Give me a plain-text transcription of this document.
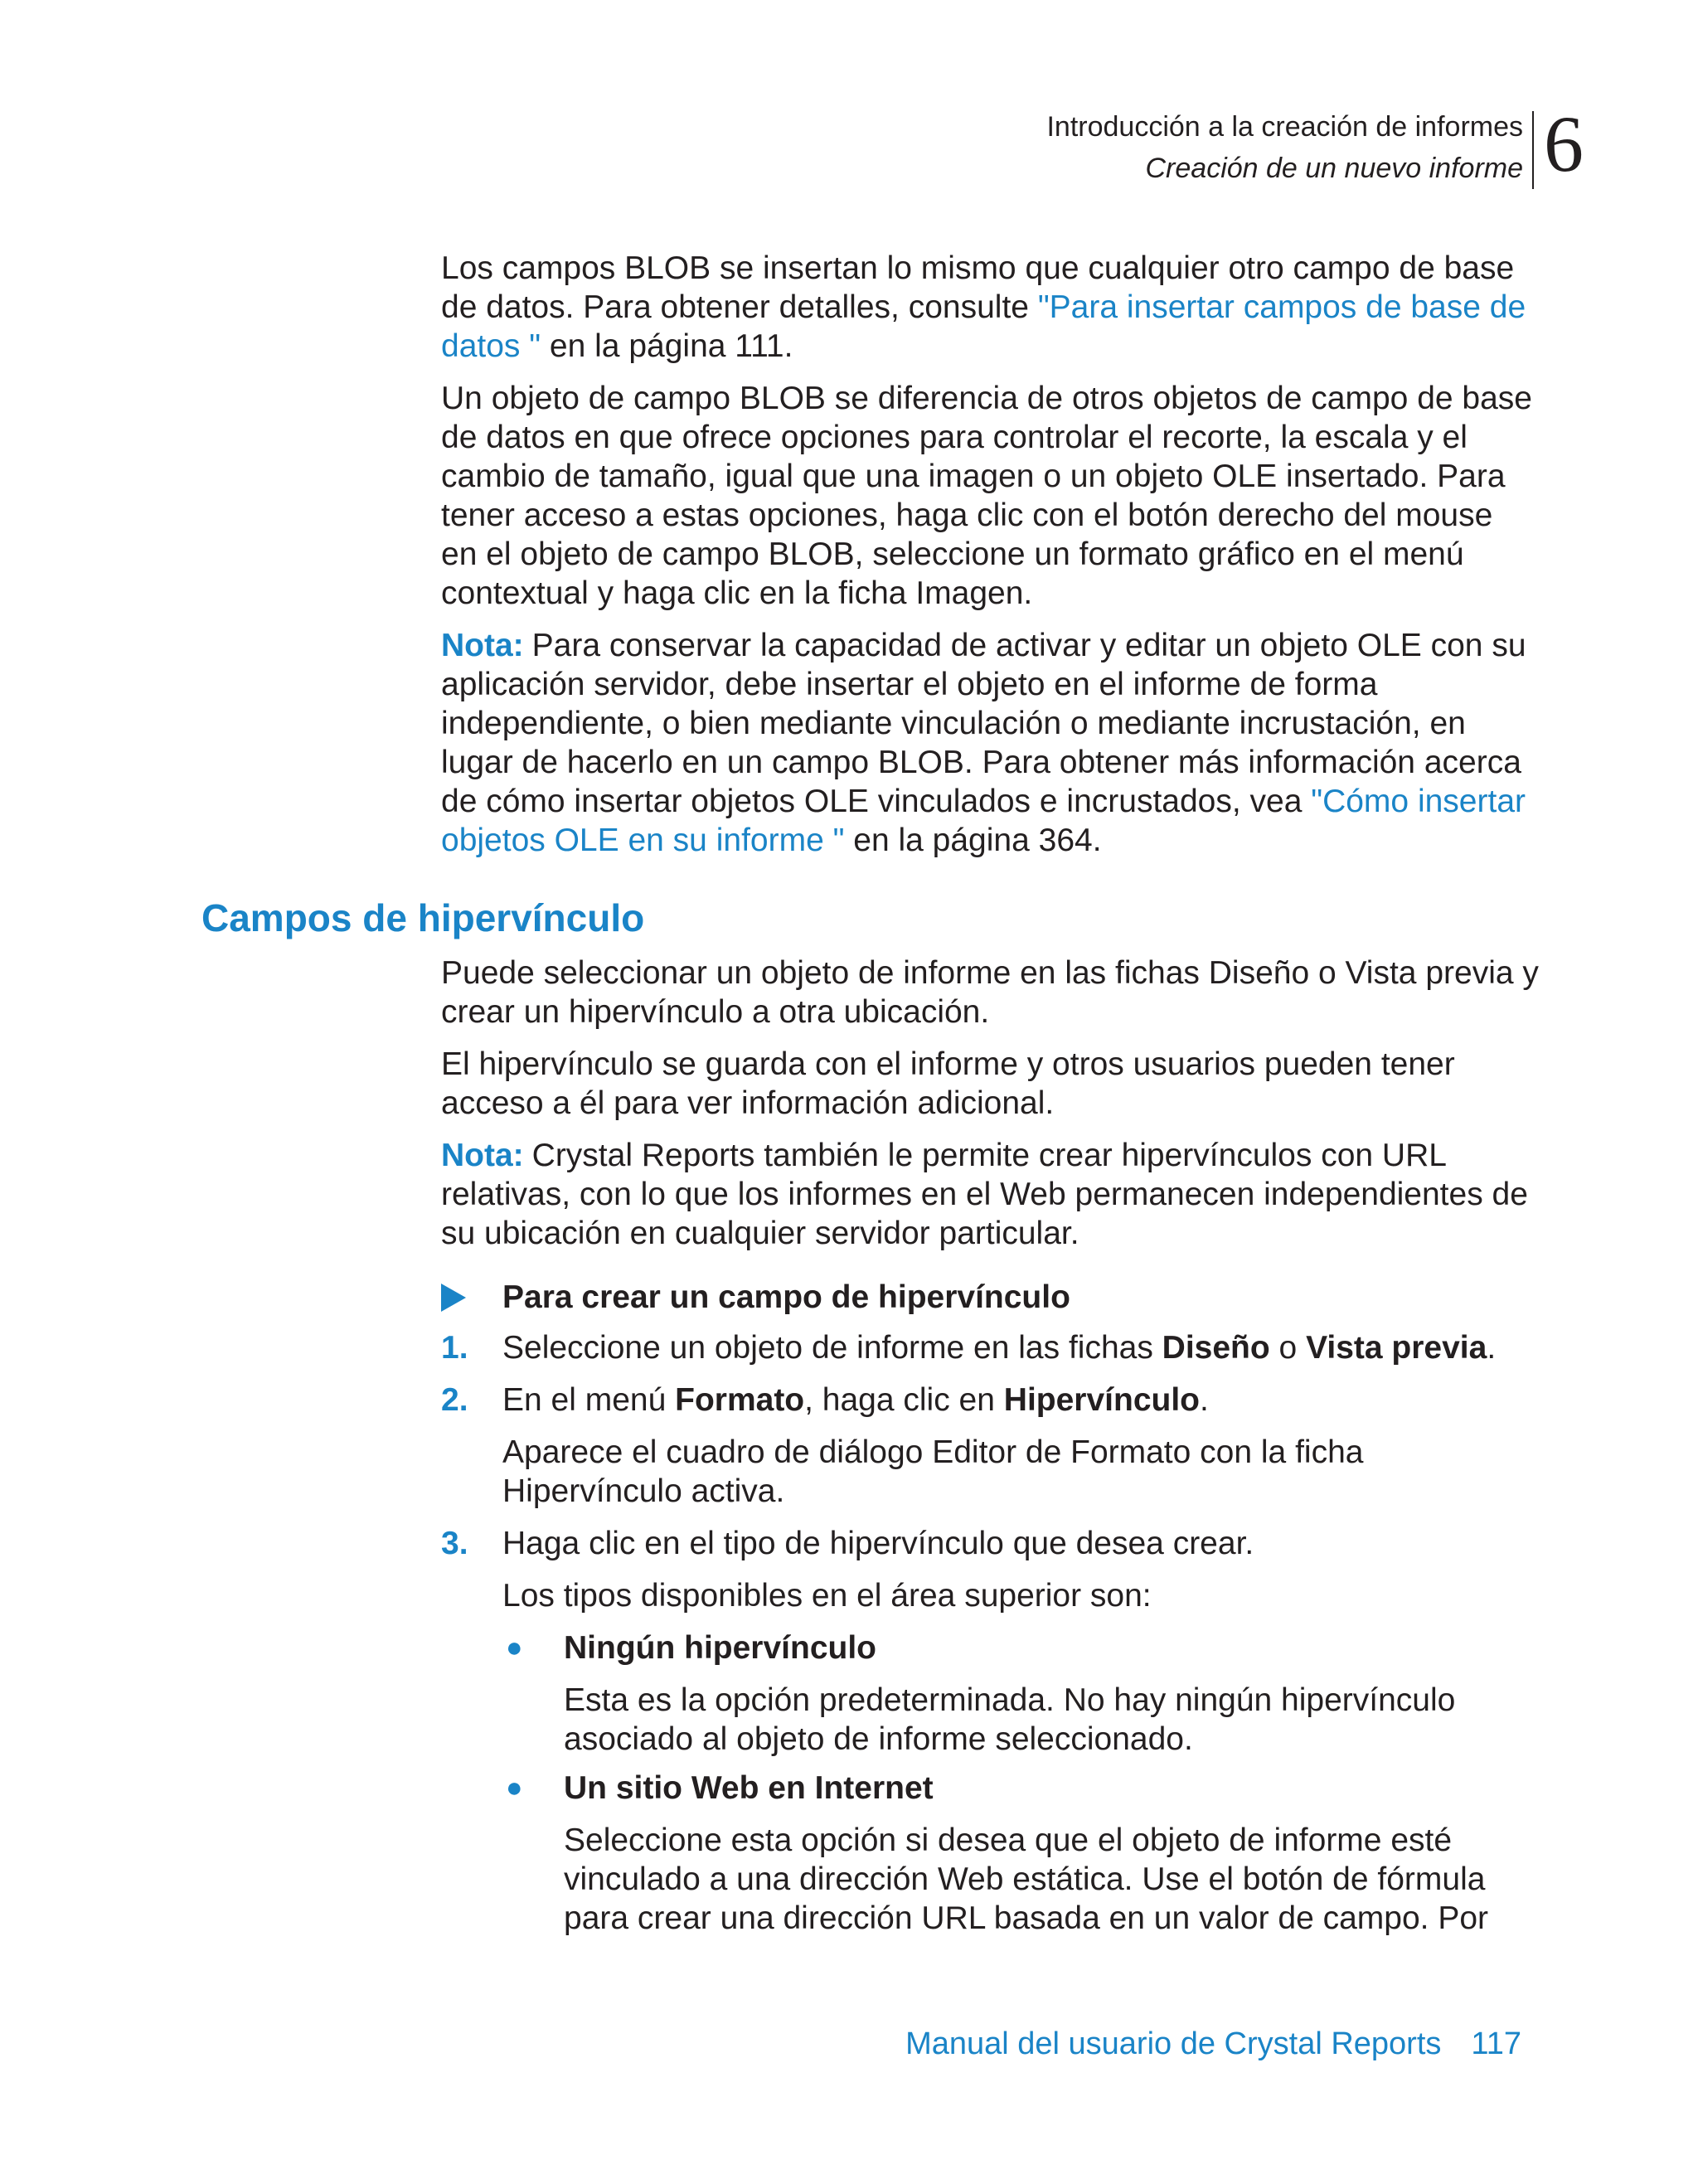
Introducción a la creación de informes
Creación de un nuevo informe 6

Los campos BLOB se insertan lo mismo que cualquier otro campo de base de datos. Para obtener detalles, consulte "Para insertar campos de base de datos " en la página 111.

Un objeto de campo BLOB se diferencia de otros objetos de campo de base de datos en que ofrece opciones para controlar el recorte, la escala y el cambio de tamaño, igual que una imagen o un objeto OLE insertado. Para tener acceso a estas opciones, haga clic con el botón derecho del mouse en el objeto de campo BLOB, seleccione un formato gráfico en el menú contextual y haga clic en la ficha Imagen.

Nota: Para conservar la capacidad de activar y editar un objeto OLE con su aplicación servidor, debe insertar el objeto en el informe de forma independiente, o bien mediante vinculación o mediante incrustación, en lugar de hacerlo en un campo BLOB. Para obtener más información acerca de cómo insertar objetos OLE vinculados e incrustados, vea "Cómo insertar objetos OLE en su informe " en la página 364.

Campos de hipervínculo

Puede seleccionar un objeto de informe en las fichas Diseño o Vista previa y crear un hipervínculo a otra ubicación.

El hipervínculo se guarda con el informe y otros usuarios pueden tener acceso a él para ver información adicional.

Nota: Crystal Reports también le permite crear hipervínculos con URL relativas, con lo que los informes en el Web permanecen independientes de su ubicación en cualquier servidor particular.

Para crear un campo de hipervínculo
1.	Seleccione un objeto de informe en las fichas Diseño o Vista previa.
2.	En el menú Formato, haga clic en Hipervínculo.
Aparece el cuadro de diálogo Editor de Formato con la ficha Hipervínculo activa.
3.	Haga clic en el tipo de hipervínculo que desea crear.
Los tipos disponibles en el área superior son:
●	Ningún hipervínculo
Esta es la opción predeterminada. No hay ningún hipervínculo asociado al objeto de informe seleccionado.
●	Un sitio Web en Internet
Seleccione esta opción si desea que el objeto de informe esté vinculado a una dirección Web estática. Use el botón de fórmula para crear una dirección URL basada en un valor de campo. Por
Manual del usuario de Crystal Reports 117
